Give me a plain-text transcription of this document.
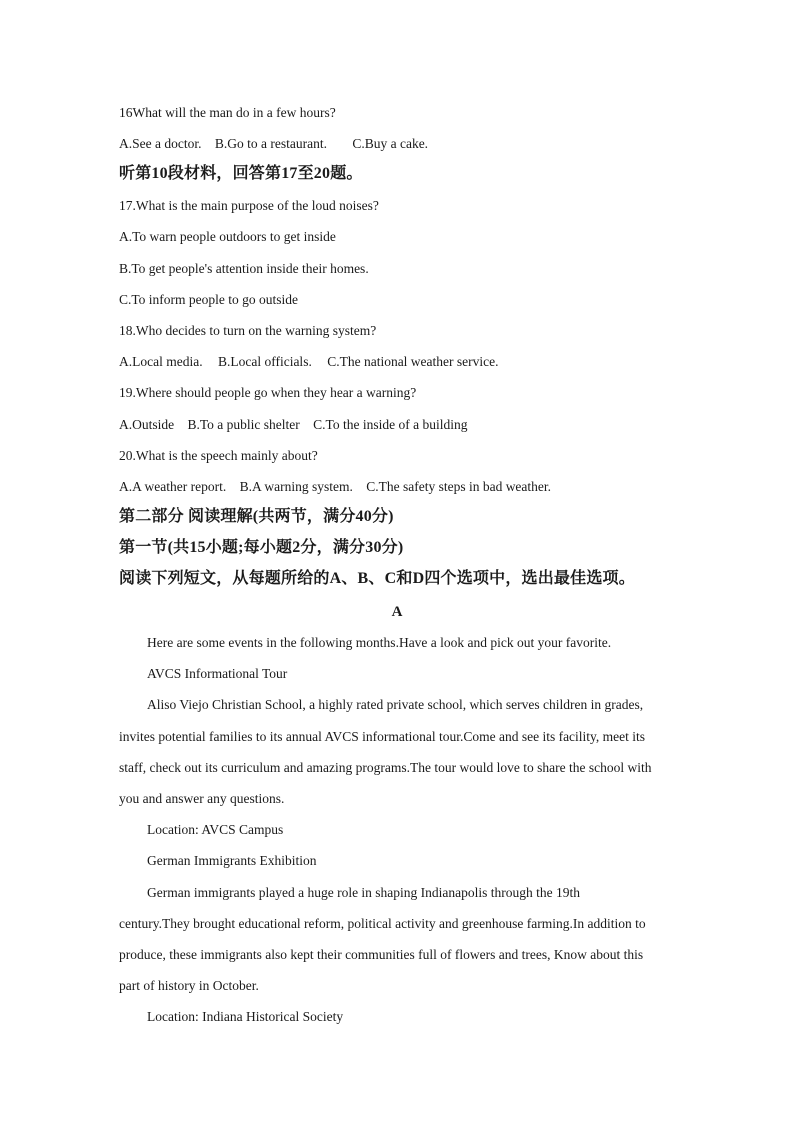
16What will the man do in a few hours?
A.See a doctor. B.Go to a restaurant. C.Buy a cake.
听第10段材料，回答第17至20题。
17.What is the main purpose of the loud noises?
A.To warn people outdoors to get inside
B.To get people's attention inside their homes.
C.To inform people to go outside
18.Who decides to turn on the warning system?
A.Local media. B.Local officials. C.The national weather service.
19.Where should people go when they hear a warning?
A.Outside B.To a public shelter C.To the inside of a building
20.What is the speech mainly about?
A.A weather report. B.A warning system. C.The safety steps in bad weather.
第二部分 阅读理解(共两节，满分40分)
第一节(共15小题;每小题2分，满分30分)
阅读下列短文，从每题所给的A、B、C和D四个选项中，选出最佳选项。
A
Here are some events in the following months.Have a look and pick out your favorite.
AVCS Informational Tour
Aliso Viejo Christian School, a highly rated private school, which serves children in grades,
invites potential families to its annual AVCS informational tour.Come and see its facility, meet its
staff, check out its curriculum and amazing programs.The tour would love to share the school with
you and answer any questions.
Location: AVCS Campus
German Immigrants Exhibition
German immigrants played a huge role in shaping Indianapolis through the 19th
century.They brought educational reform, political activity and greenhouse farming.In addition to
produce, these immigrants also kept their communities full of flowers and trees, Know about this
part of history in October.
Location: Indiana Historical Society
